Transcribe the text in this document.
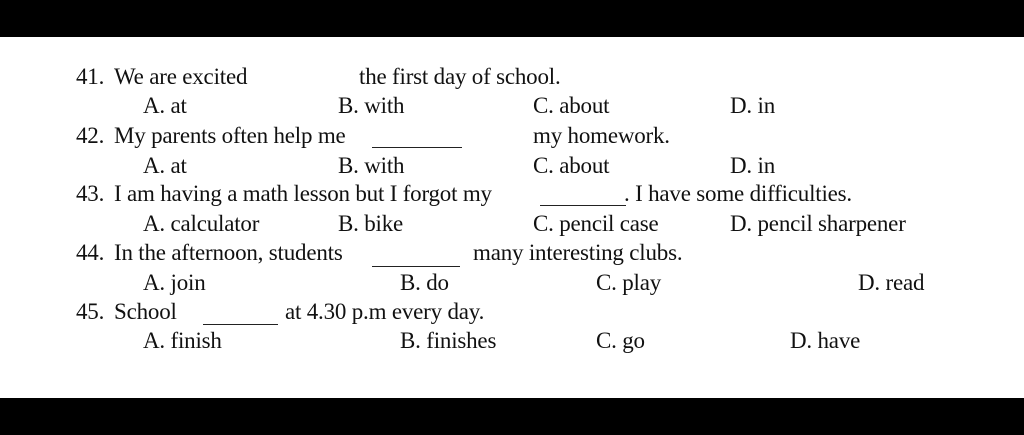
41. We are excited	the first day of school.
A. at	B. with	C. about	D. in
42. My parents often help me	my homework.
A. at	B. with	C. about	D. in
43. I am having a math lesson but I forgot my	. I have some difficulties.
A. calculator	B. bike	C. pencil case	D. pencil sharpener
44. In the afternoon, students	many interesting clubs.
A. join	B. do	C. play	D. read
45. School	at 4.30 p.m every day.
A. finish	B. finishes	C. go	D. have
